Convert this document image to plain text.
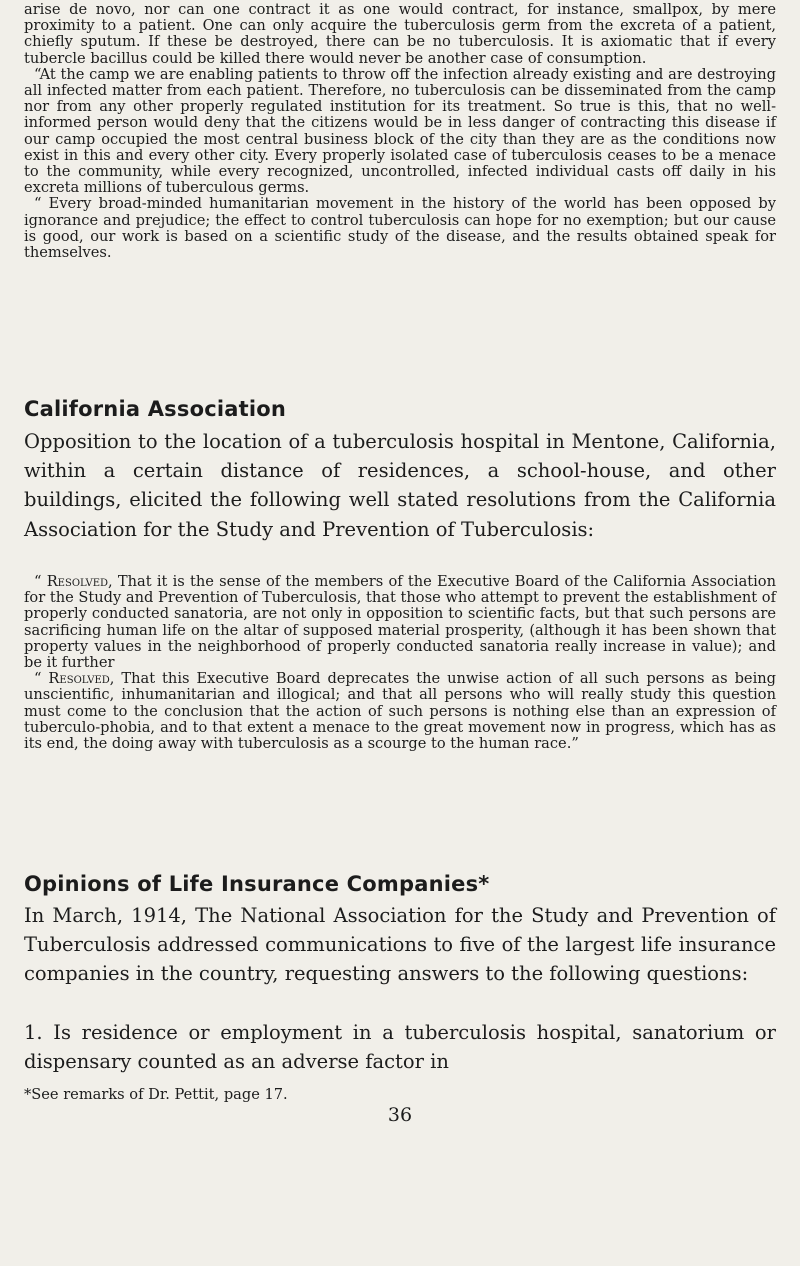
arise de novo, nor can one contract it as one would contract, for instance, smallpox, by mere proximity to a patient. One can only acquire the tuberculosis germ from the excreta of a patient, chiefly sputum. If these be destroyed, there can be no tuberculosis. It is axiomatic that if every tubercle bacillus could be killed there would never be another case of consumption.

“At the camp we are enabling patients to throw off the infection already existing and are destroying all infected matter from each patient. Therefore, no tuberculosis can be disseminated from the camp nor from any other properly regulated institution for its treatment. So true is this, that no well-informed person would deny that the citizens would be in less danger of contracting this disease if our camp occupied the most central business block of the city than they are as the conditions now exist in this and every other city. Every properly isolated case of tuberculosis ceases to be a menace to the community, while every recognized, uncontrolled, infected individual casts off daily in his excreta millions of tuberculous germs.

“ Every broad-minded humanitarian movement in the history of the world has been opposed by ignorance and prejudice; the effect to control tuberculosis can hope for no exemption; but our cause is good, our work is based on a scientific study of the disease, and the results obtained speak for themselves.

California Association

Opposition to the location of a tuberculosis hospital in Mentone, California, within a certain distance of residences, a school-house, and other buildings, elicited the following well stated resolutions from the California Association for the Study and Prevention of Tuberculosis:

“ Resolved, That it is the sense of the members of the Executive Board of the California Association for the Study and Prevention of Tuberculosis, that those who attempt to prevent the establishment of properly conducted sanatoria, are not only in opposition to scientific facts, but that such persons are sacrificing human life on the altar of supposed material prosperity, (although it has been shown that property values in the neighborhood of properly conducted sanatoria really increase in value); and be it further

“ Resolved, That this Executive Board deprecates the unwise action of all such persons as being unscientific, inhumanitarian and illogical; and that all persons who will really study this question must come to the conclusion that the action of such persons is nothing else than an expression of tuberculo-phobia, and to that extent a menace to the great movement now in progress, which has as its end, the doing away with tuberculosis as a scourge to the human race.”

Opinions of Life Insurance Companies*

In March, 1914, The National Association for the Study and Prevention of Tuberculosis addressed communications to five of the largest life insurance companies in the country, requesting answers to the following questions:

1. Is residence or employment in a tuberculosis hospital, sanatorium or dispensary counted as an adverse factor in

*See remarks of Dr. Pettit, page 17.

36
